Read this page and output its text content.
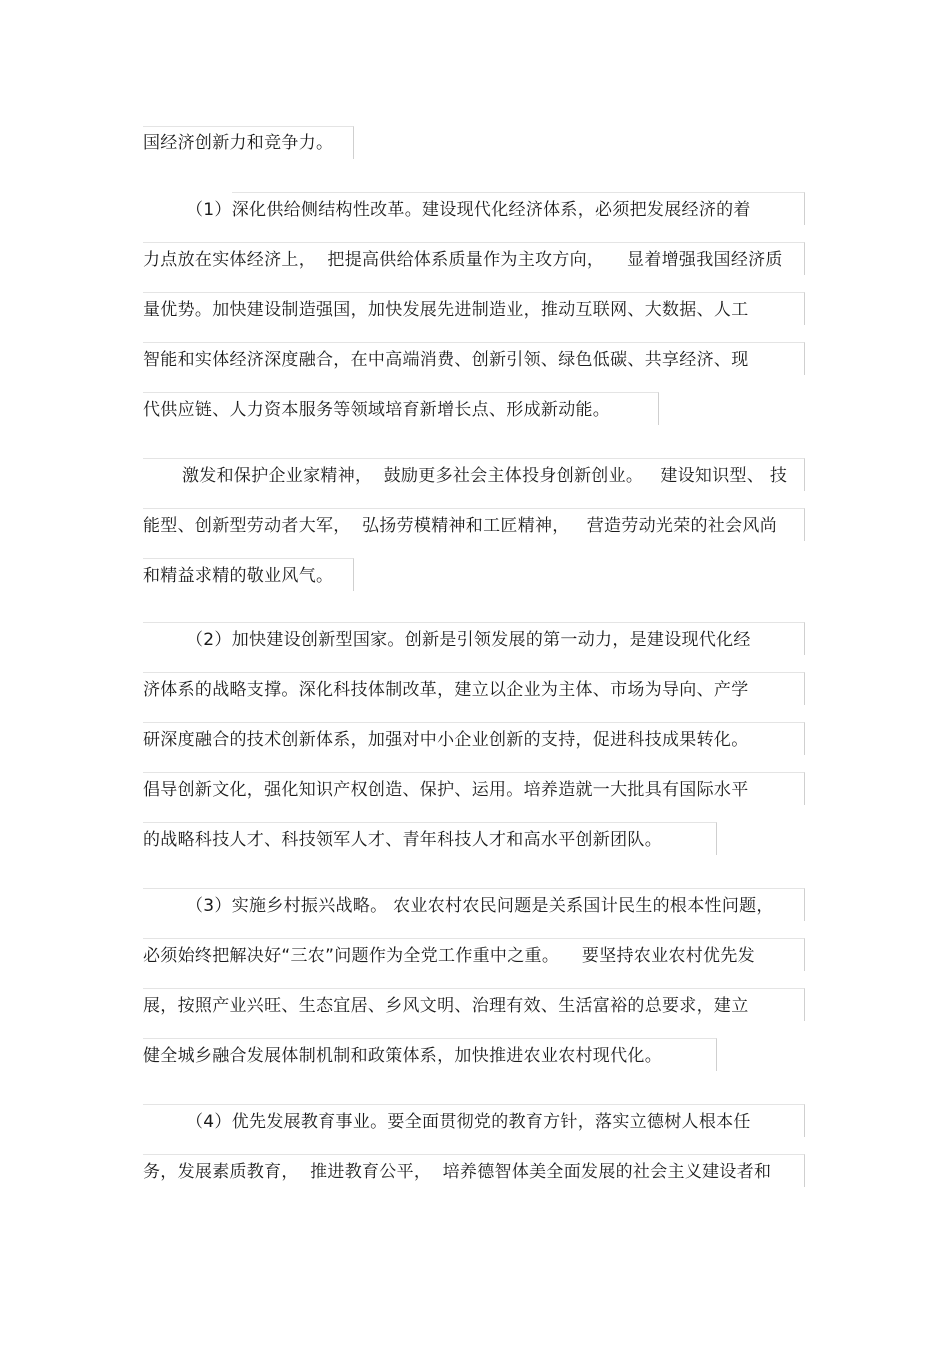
国经济创新力和竞争力。
（1）深化供给侧结构性改革。建设现代化经济体系，必须把发展经济的着
力点放在实体经济上，  把提高供给体系质量作为主攻方向，    显着增强我国经济质
量优势。加快建设制造强国，加快发展先进制造业，推动互联网、大数据、人工
智能和实体经济深度融合，在中高端消费、创新引领、绿色低碳、共享经济、现
代供应链、人力资本服务等领域培育新增长点、形成新动能。
激发和保护企业家精神，  鼓励更多社会主体投身创新创业。   建设知识型、 技
能型、创新型劳动者大军，  弘扬劳模精神和工匠精神，   营造劳动光荣的社会风尚
和精益求精的敬业风气。
（2）加快建设创新型国家。创新是引领发展的第一动力，是建设现代化经
济体系的战略支撑。深化科技体制改革，建立以企业为主体、市场为导向、产学
研深度融合的技术创新体系，加强对中小企业创新的支持，促进科技成果转化。
倡导创新文化，强化知识产权创造、保护、运用。培养造就一大批具有国际水平
的战略科技人才、科技领军人才、青年科技人才和高水平创新团队。
（3）实施乡村振兴战略。 农业农村农民问题是关系国计民生的根本性问题，
必须始终把解决好“三农”问题作为全党工作重中之重。    要坚持农业农村优先发
展，按照产业兴旺、生态宜居、乡风文明、治理有效、生活富裕的总要求，建立
健全城乡融合发展体制机制和政策体系，加快推进农业农村现代化。
（4）优先发展教育事业。要全面贯彻党的教育方针，落实立德树人根本任
务，发展素质教育，  推进教育公平，  培养德智体美全面发展的社会主义建设者和
